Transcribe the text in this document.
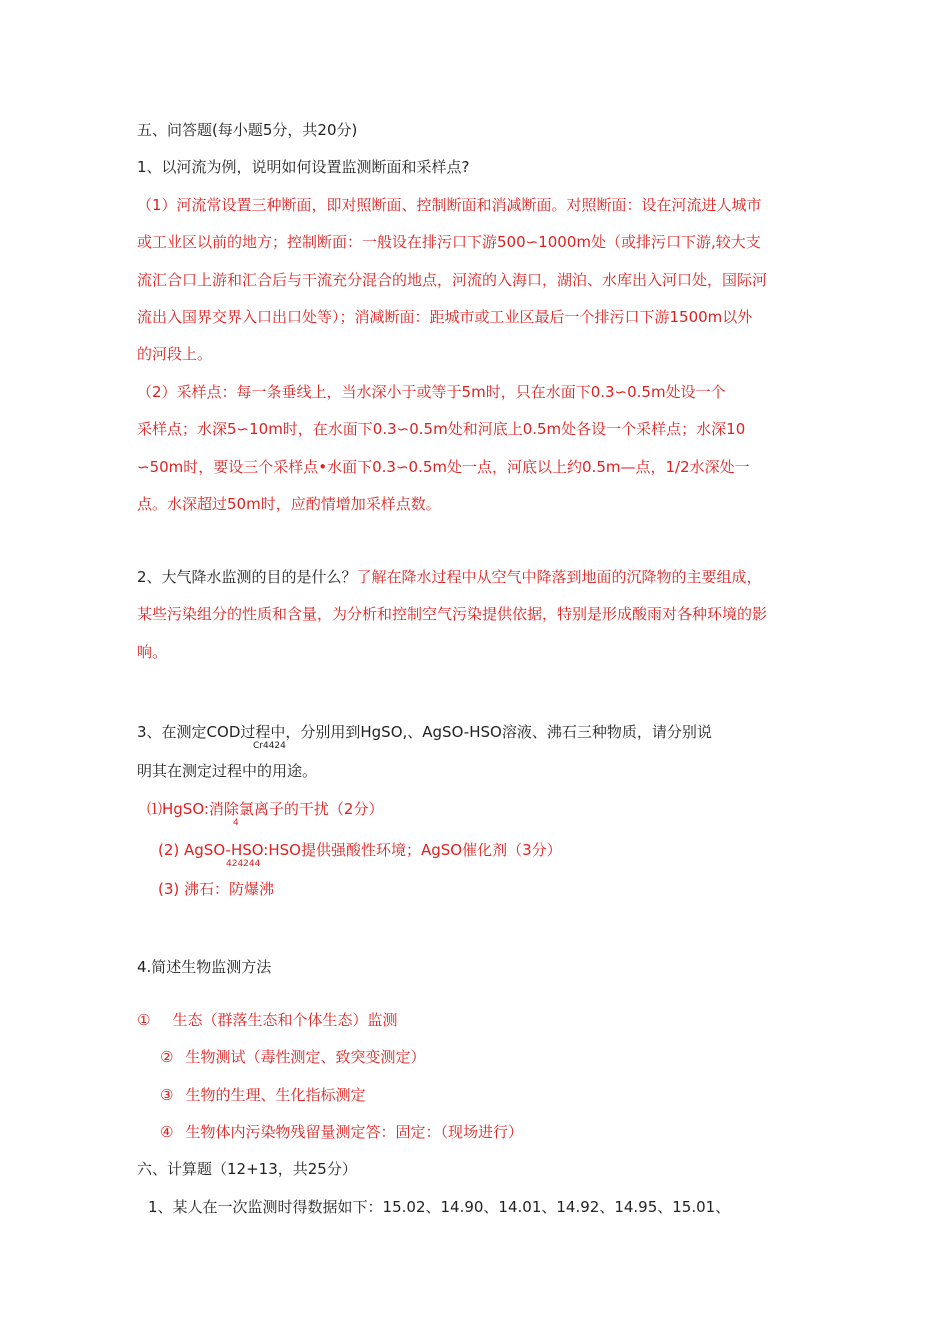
五、问答题(每小题5分，共20分)
1、以河流为例，说明如何设置监测断面和采样点?
（1）河流常设置三种断面，即对照断面、控制断面和消减断面。对照断面：设在河流进人城市
或工业区以前的地方；控制断面：一般设在排污口下游500∽1000m处（或排污口下游,较大支
流汇合口上游和汇合后与干流充分混合的地点，河流的入海口，湖泊、水库出入河口处，国际河
流出入国界交界入口出口处等）；消减断面：距城市或工业区最后一个排污口下游1500m以外
的河段上。
（2）采样点：每一条垂线上，当水深小于或等于5m时，只在水面下0.3∽0.5m处设一个
采样点；水深5∽10m时，在水面下0.3∽0.5m处和河底上0.5m处各设一个采样点；水深10
∽50m时，要设三个采样点•水面下0.3∽0.5m处一点，河底以上约0.5m—点，1/2水深处一
点。水深超过50m时，应酌情增加采样点数。
2、大气降水监测的目的是什么？了解在降水过程中从空气中降落到地面的沉降物的主要组成，
某些污染组分的性质和含量，为分析和控制空气污染提供依据，特别是形成酸雨对各种环境的影
响。
3、在测定COD过程中，分别用到HgSO,、AgSO-HSO溶液、沸石三种物质，请分别说
Cr4424
明其在测定过程中的用途。
⑴HgSO:消除氯离子的干扰（2分）
4
(2) AgSO-HSO:HSO提供强酸性环境；AgSO催化剂（3分）
424244
(3) 沸石：防爆沸
4.简述生物监测方法
① 生态（群落生态和个体生态）监测
② 生物测试（毒性测定、致突变测定）
③ 生物的生理、生化指标测定
④ 生物体内污染物残留量测定答：固定：（现场进行）
六、计算题（12+13，共25分）
1、某人在一次监测时得数据如下：15.02、14.90、14.01、14.92、14.95、15.01、
